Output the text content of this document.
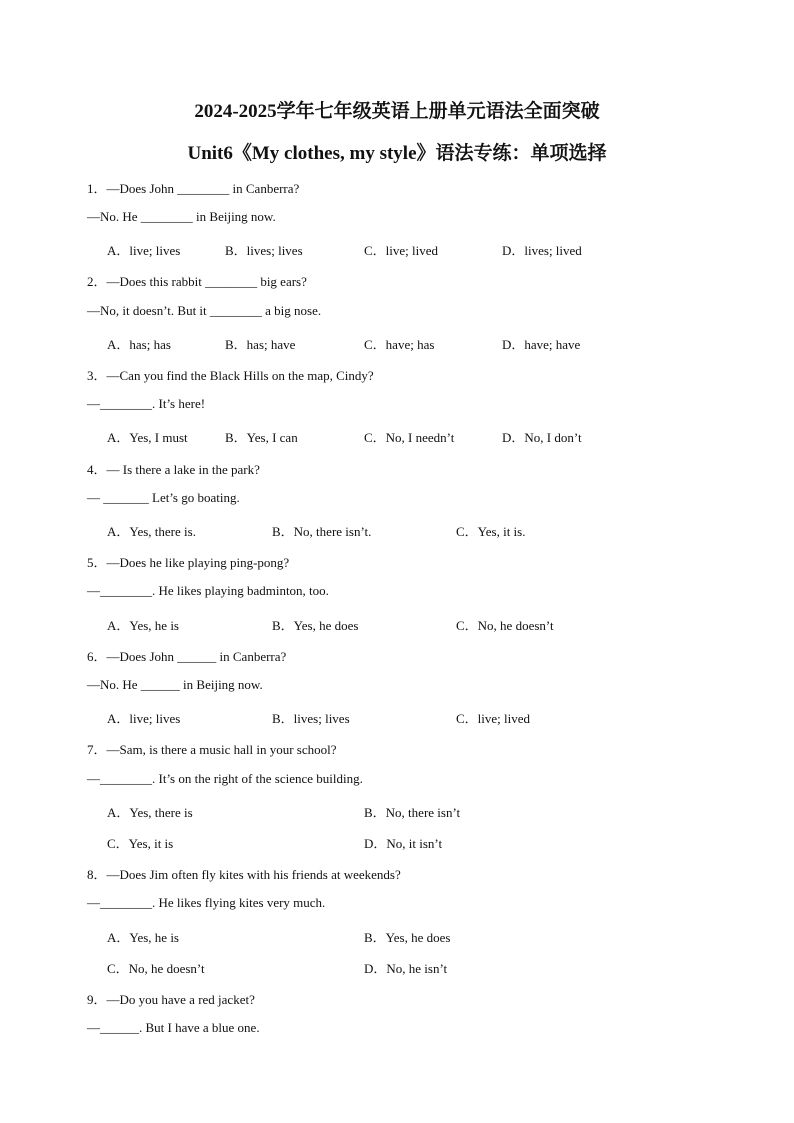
2024-2025学年七年级英语上册单元语法全面突破
Unit6《My clothes, my style》语法专练：单项选择
1．—Does John ________ in Canberra?
—No. He ________ in Beijing now.
A．live; lives	B．lives; lives	C．live; lived	D．lives; lived
2．—Does this rabbit ________ big ears?
—No, it doesn’t. But it ________ a big nose.
A．has; has	B．has; have	C．have; has	D．have; have
3．—Can you find the Black Hills on the map, Cindy?
—________. It’s here!
A．Yes, I must	B．Yes, I can	C．No, I needn’t	D．No, I don’t
4．— Is there a lake in the park?
— _______ Let’s go boating.
A．Yes, there is.	B．No, there isn’t.	C．Yes, it is.
5．—Does he like playing ping-pong?
—________. He likes playing badminton, too.
A．Yes, he is	B．Yes, he does	C．No, he doesn’t
6．—Does John ______ in Canberra?
—No. He ______ in Beijing now.
A．live; lives	B．lives; lives	C．live; lived
7．—Sam, is there a music hall in your school?
—________. It’s on the right of the science building.
A．Yes, there is	B．No, there isn’t
C．Yes, it is	D．No, it isn’t
8．—Does Jim often fly kites with his friends at weekends?
—________. He likes flying kites very much.
A．Yes, he is	B．Yes, he does
C．No, he doesn’t	D．No, he isn’t
9．—Do you have a red jacket?
—______. But I have a blue one.
